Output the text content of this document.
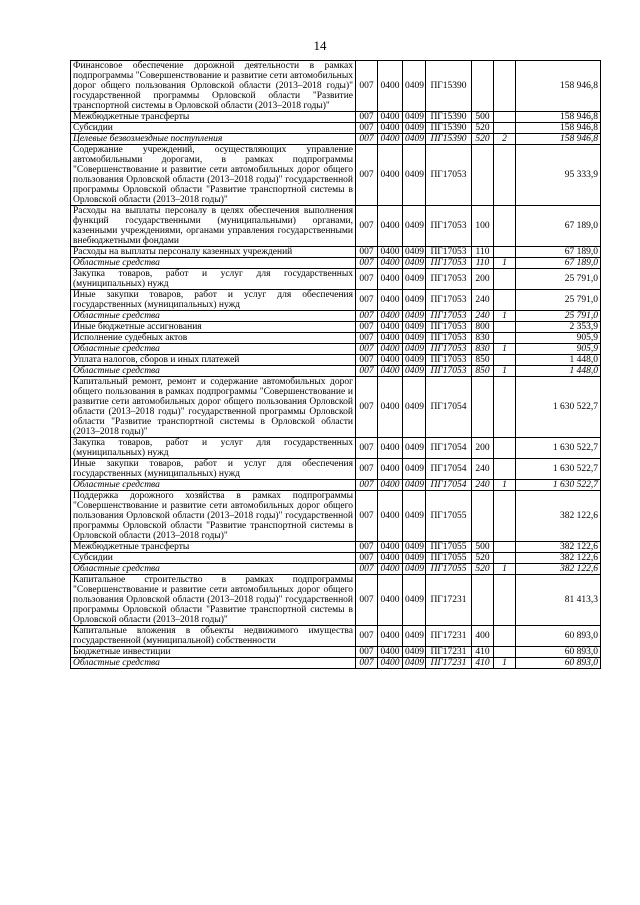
14
Финансовое обеспечение дорожной деятельности в рамках подпрограммы "Совершенствование и развитие сети автомобильных дорог общего пользования Орловской области (2013–2018 годы)" государственной программы Орловской области "Развитие транспортной системы в Орловской области (2013–2018 годы)"	007	0400	0409	ПГ15390			158 946,8
Межбюджетные трансферты	007	0400	0409	ПГ15390	500		158 946,8
Субсидии	007	0400	0409	ПГ15390	520		158 946,8
Целевые безвозмездные поступления	007	0400	0409	ПГ15390	520	2	158 946,8
Содержание учреждений, осуществляющих управление автомобильными дорогами, в рамках подпрограммы "Совершенствование и развитие сети автомобильных дорог общего пользования Орловской области (2013–2018 годы)" государственной программы Орловской области "Развитие транспортной системы в Орловской области (2013–2018 годы)"	007	0400	0409	ПГ17053			95 333,9
Расходы на выплаты персоналу в целях обеспечения выполнения функций государственными (муниципальными) органами, казенными учреждениями, органами управления государственными внебюджетными фондами	007	0400	0409	ПГ17053	100		67 189,0
Расходы на выплаты персоналу казенных учреждений	007	0400	0409	ПГ17053	110		67 189,0
Областные средства	007	0400	0409	ПГ17053	110	1	67 189,0
Закупка товаров, работ и услуг для государственных (муниципальных) нужд	007	0400	0409	ПГ17053	200		25 791,0
Иные закупки товаров, работ и услуг для обеспечения государственных (муниципальных) нужд	007	0400	0409	ПГ17053	240		25 791,0
Областные средства	007	0400	0409	ПГ17053	240	1	25 791,0
Иные бюджетные ассигнования	007	0400	0409	ПГ17053	800		2 353,9
Исполнение судебных актов	007	0400	0409	ПГ17053	830		905,9
Областные средства	007	0400	0409	ПГ17053	830	1	905,9
Уплата налогов, сборов и иных платежей	007	0400	0409	ПГ17053	850		1 448,0
Областные средства	007	0400	0409	ПГ17053	850	1	1 448,0
Капитальный ремонт, ремонт и содержание автомобильных дорог общего пользования в рамках подпрограммы "Совершенствование и развитие сети автомобильных дорог общего пользования Орловской области (2013–2018 годы)" государственной программы Орловской области "Развитие транспортной системы в Орловской области (2013–2018 годы)"	007	0400	0409	ПГ17054			1 630 522,7
Закупка товаров, работ и услуг для государственных (муниципальных) нужд	007	0400	0409	ПГ17054	200		1 630 522,7
Иные закупки товаров, работ и услуг для обеспечения государственных (муниципальных) нужд	007	0400	0409	ПГ17054	240		1 630 522,7
Областные средства	007	0400	0409	ПГ17054	240	1	1 630 522,7
Поддержка дорожного хозяйства в рамках подпрограммы "Совершенствование и развитие сети автомобильных дорог общего пользования Орловской области (2013–2018 годы)" государственной программы Орловской области "Развитие транспортной системы в Орловской области (2013–2018 годы)"	007	0400	0409	ПГ17055			382 122,6
Межбюджетные трансферты	007	0400	0409	ПГ17055	500		382 122,6
Субсидии	007	0400	0409	ПГ17055	520		382 122,6
Областные средства	007	0400	0409	ПГ17055	520	1	382 122,6
Капитальное строительство в рамках подпрограммы "Совершенствование и развитие сети автомобильных дорог общего пользования Орловской области (2013–2018 годы)" государственной программы Орловской области "Развитие транспортной системы в Орловской области (2013–2018 годы)"	007	0400	0409	ПГ17231			81 413,3
Капитальные вложения в объекты недвижимого имущества государственной (муниципальной) собственности	007	0400	0409	ПГ17231	400		60 893,0
Бюджетные инвестиции	007	0400	0409	ПГ17231	410		60 893,0
Областные средства	007	0400	0409	ПГ17231	410	1	60 893,0
